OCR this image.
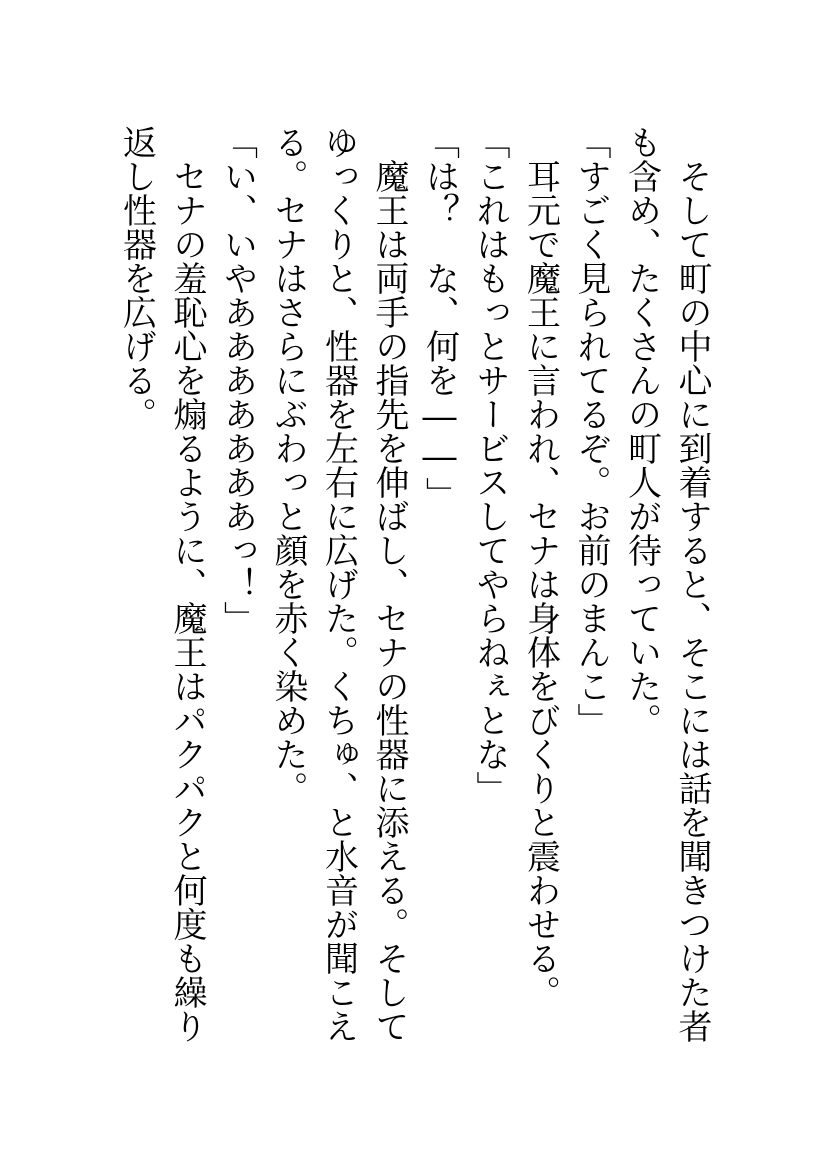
　そして町の中心に到着すると、そこには話を聞きつけた者も含め、たくさんの町人が待っていた。

「すごく見られてるぞ。お前のまんこ」

　耳元で魔王に言われ、セナは身体をびくりと震わせる。

「これはもっとサービスしてやらねぇとな」

「は？　な、何を――」

　魔王は両手の指先を伸ばし、セナの性器に添える。そしてゆっくりと、性器を左右に広げた。くちゅ、と水音が聞こえる。セナはさらにぶわっと顔を赤く染めた。

「い、いやあああああああっ！」

　セナの羞恥心を煽るように、魔王はパクパクと何度も繰り返し性器を広げる。
